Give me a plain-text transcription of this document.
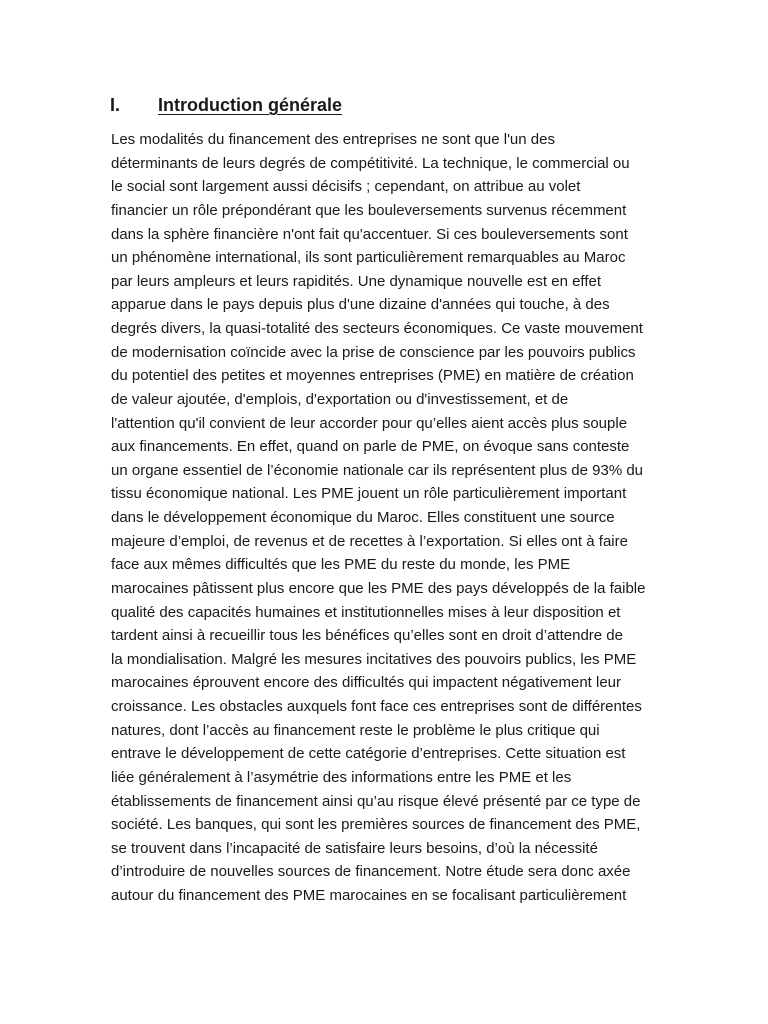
I.	Introduction générale
Les modalités du financement des entreprises ne sont que l'un des
déterminants de leurs degrés de compétitivité. La technique, le commercial ou
le social sont largement aussi décisifs ; cependant, on attribue au volet
financier un rôle prépondérant que les bouleversements survenus récemment
dans la sphère financière n'ont fait qu'accentuer. Si ces bouleversements sont
un phénomène international, ils sont particulièrement remarquables au Maroc
par leurs ampleurs et leurs rapidités. Une dynamique nouvelle est en effet
apparue dans le pays depuis plus d'une dizaine d'années qui touche, à des
degrés divers, la quasi-totalité des secteurs économiques. Ce vaste mouvement
de modernisation coïncide avec la prise de conscience par les pouvoirs publics
du potentiel des petites et moyennes entreprises (PME) en matière de création
de valeur ajoutée, d'emplois, d'exportation ou d'investissement, et de
l'attention qu'il convient de leur accorder pour qu’elles aient accès plus souple
aux financements. En effet, quand on parle de PME, on évoque sans conteste
un organe essentiel de l’économie nationale car ils représentent plus de 93% du
tissu économique national. Les PME jouent un rôle particulièrement important
dans le développement économique du Maroc. Elles constituent une source
majeure d’emploi, de revenus et de recettes à l’exportation. Si elles ont à faire
face aux mêmes difficultés que les PME du reste du monde, les PME
marocaines pâtissent plus encore que les PME des pays développés de la faible
qualité des capacités humaines et institutionnelles mises à leur disposition et
tardent ainsi à recueillir tous les bénéfices qu’elles sont en droit d’attendre de
la mondialisation. Malgré les mesures incitatives des pouvoirs publics, les PME
marocaines éprouvent encore des difficultés qui impactent négativement leur
croissance. Les obstacles auxquels font face ces entreprises sont de différentes
natures, dont l’accès au financement reste le problème le plus critique qui
entrave le développement de cette catégorie d’entreprises. Cette situation est
liée généralement à l’asymétrie des informations entre les PME et les
établissements de financement ainsi qu’au risque élevé présenté par ce type de
société. Les banques, qui sont les premières sources de financement des PME,
se trouvent dans l’incapacité de satisfaire leurs besoins, d’où la nécessité
d’introduire de nouvelles sources de financement. Notre étude sera donc axée
autour du financement des PME marocaines en se focalisant particulièrement
